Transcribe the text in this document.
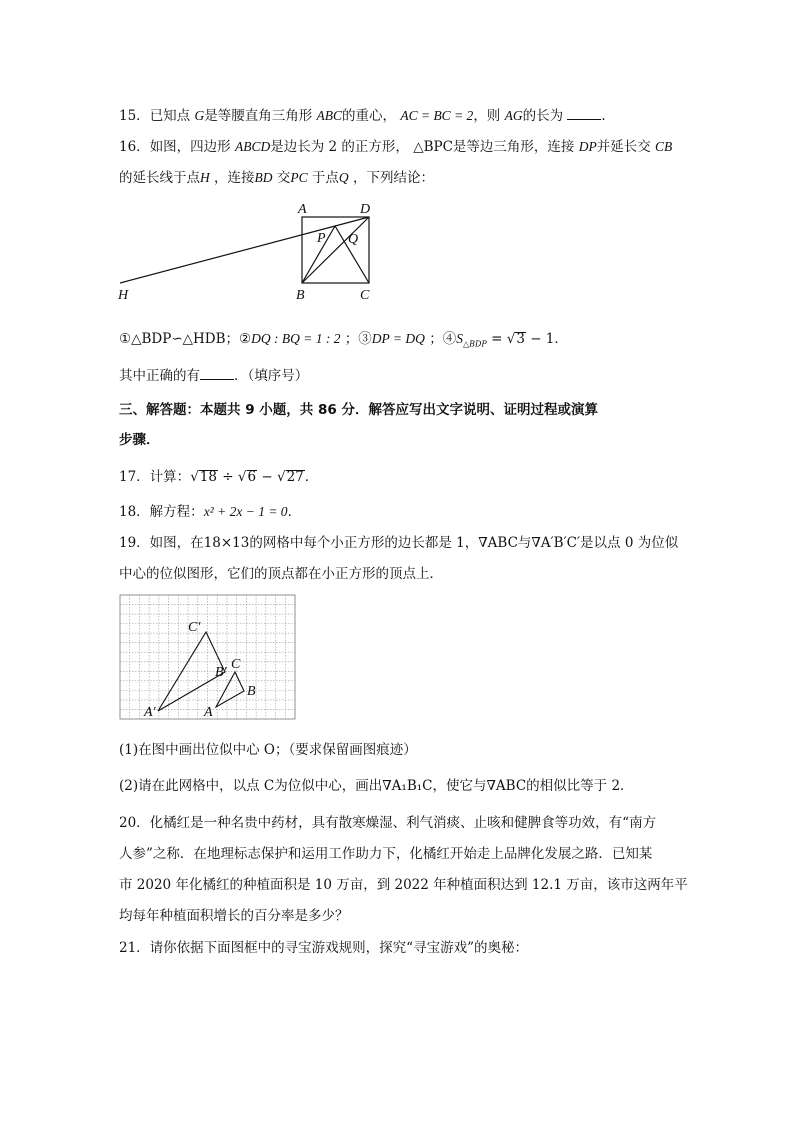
15．已知点 G是等腰直角三角形 ABC的重心， AC = BC = 2，则 AG的长为	．
16．如图，四边形 ABCD是边长为 2 的正方形， △BPC是等边三角形，连接 DP并延长交 CB
的延长线于点H ，连接BD 交PC 于点Q ，下列结论：
A	D
P Q
H	B	C
①△BDP∽△HDB；②DQ : BQ = 1 : 2 ；③DP = DQ ；$④S_{\triangle BDP} = √3 - 1$．
其中正确的有	．（填序号）
三、解答题：本题共 9 小题，共 86 分．解答应写出文字说明、证明过程或演算
步骤．
17．计算：√18 ÷ √6 − √27．
18．解方程：x² + 2x − 1 = 0．
19．如图，在18×13的网格中每个小正方形的边长都是 1，∇ABC与∇A′B′C′是以点 0 为位似
中心的位似图形，它们的顶点都在小正方形的顶点上．
C′
B′
A′
C
B
A
(1)在图中画出位似中心 O；（要求保留画图痕迹）
(2)请在此网格中，以点 C为位似中心，画出∇A₁B₁C，使它与∇ABC的相似比等于 2．
20．化橘红是一种名贵中药材，具有散寒燥湿、利气消痰、止咳和健脾食等功效，有“南方
人参”之称．在地理标志保护和运用工作助力下，化橘红开始走上品牌化发展之路．已知某
市 2020 年化橘红的种植面积是 10 万亩，到 2022 年种植面积达到 12.1 万亩，该市这两年平
均每年种植面积增长的百分率是多少？
21．请你依据下面图框中的寻宝游戏规则，探究“寻宝游戏”的奥秘：
